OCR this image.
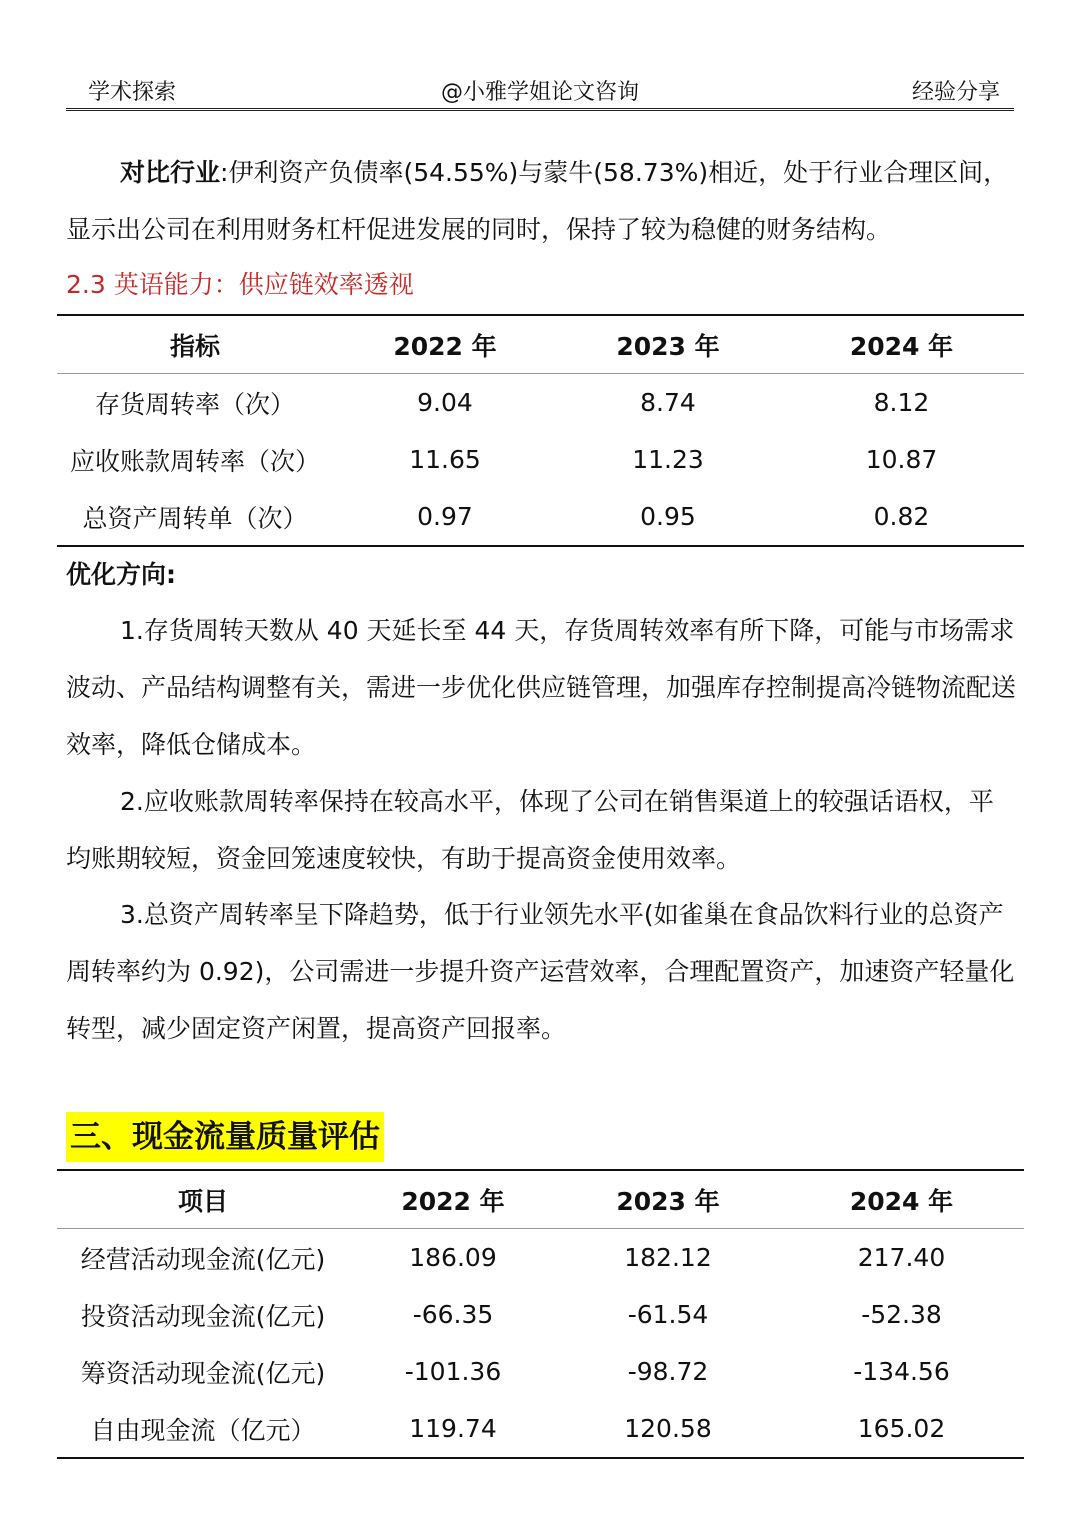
学术探索	@小雅学姐论文咨询	经验分享

对比行业:伊利资产负债率(54.55%)与蒙牛(58.73%)相近，处于行业合理区间，显示出公司在利用财务杠杆促进发展的同时，保持了较为稳健的财务结构。

2.3 英语能力：供应链效率透视

指标	2022 年	2023 年	2024 年
存货周转率（次）	9.04	8.74	8.12
应收账款周转率（次）	11.65	11.23	10.87
总资产周转单（次）	0.97	0.95	0.82
优化方向:

1.存货周转天数从 40 天延长至 44 天，存货周转效率有所下降，可能与市场需求波动、产品结构调整有关，需进一步优化供应链管理，加强库存控制提高冷链物流配送效率，降低仓储成本。

2.应收账款周转率保持在较高水平，体现了公司在销售渠道上的较强话语权，平均账期较短，资金回笼速度较快，有助于提高资金使用效率。

3.总资产周转率呈下降趋势，低于行业领先水平(如雀巢在食品饮料行业的总资产周转率约为 0.92)，公司需进一步提升资产运营效率，合理配置资产，加速资产轻量化转型，减少固定资产闲置，提高资产回报率。

三、现金流量质量评估
项目	2022 年	2023 年	2024 年
经营活动现金流(亿元)	186.09	182.12	217.40
投资活动现金流(亿元)	-66.35	-61.54	-52.38
筹资活动现金流(亿元)	-101.36	-98.72	-134.56
自由现金流（亿元）	119.74	120.58	165.02
